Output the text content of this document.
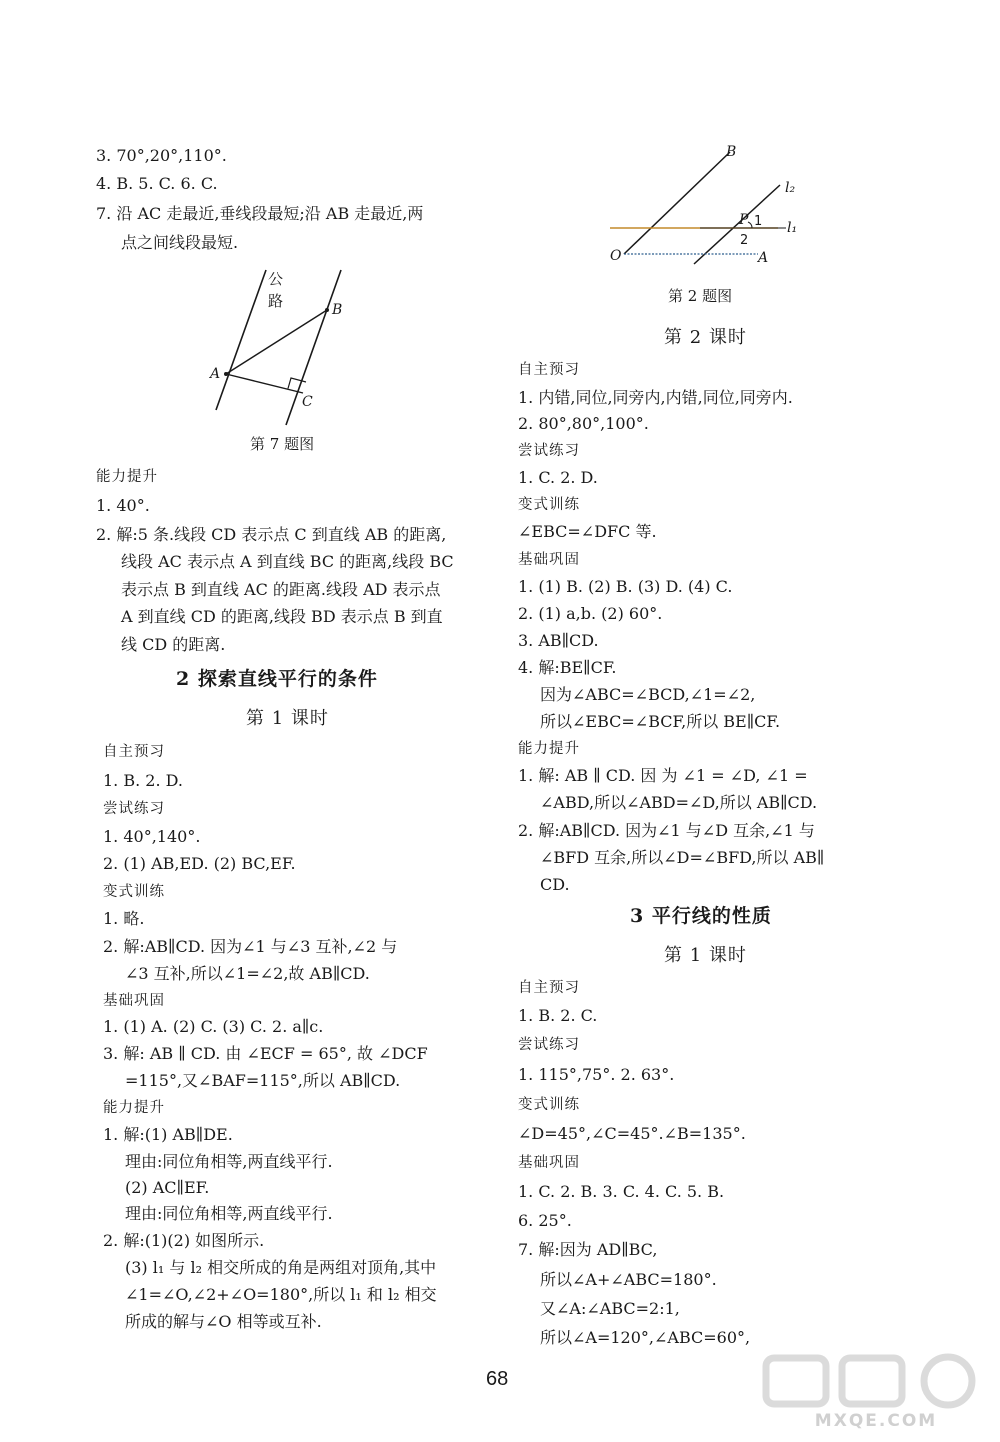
3. 70°,20°,110°.
4. B. 5. C. 6. C.
7. 沿 AC 走最近,垂线段最短;沿 AB 走最近,两
点之间线段最短.
公
路
A
B
C
第 7 题图
能力提升
1. 40°.
2. 解:5 条.线段 CD 表示点 C 到直线 AB 的距离,
线段 AC 表示点 A 到直线 BC 的距离,线段 BC
表示点 B 到直线 AC 的距离.线段 AD 表示点
A 到直线 CD 的距离,线段 BD 表示点 B 到直
线 CD 的距离.
2 探索直线平行的条件
第 1 课时
自主预习
1. B. 2. D.
尝试练习
1. 40°,140°.
2. (1) AB,ED. (2) BC,EF.
变式训练
1. 略.
2. 解:AB∥CD. 因为∠1 与∠3 互补,∠2 与
∠3 互补,所以∠1=∠2,故 AB∥CD.
基础巩固
1. (1) A. (2) C. (3) C. 2. a∥c.
3. 解: AB ∥ CD. 由 ∠ECF = 65°, 故 ∠DCF
=115°,又∠BAF=115°,所以 AB∥CD.
能力提升
1. 解:(1) AB∥DE.
理由:同位角相等,两直线平行.
(2) AC∥EF.
理由:同位角相等,两直线平行.
2. 解:(1)(2) 如图所示.
(3) l₁ 与 l₂ 相交所成的角是两组对顶角,其中
∠1=∠O,∠2+∠O=180°,所以 l₁ 和 l₂ 相交
所成的解与∠O 相等或互补.
B
l₂
P 1 l₁
2
O	A
第 2 题图
第 2 课时
自主预习
1. 内错,同位,同旁内,内错,同位,同旁内.
2. 80°,80°,100°.
尝试练习
1. C. 2. D.
变式训练
∠EBC=∠DFC 等.
基础巩固
1. (1) B. (2) B. (3) D. (4) C.
2. (1) a,b. (2) 60°.
3. AB∥CD.
4. 解:BE∥CF.
因为∠ABC=∠BCD,∠1=∠2,
所以∠EBC=∠BCF,所以 BE∥CF.
能力提升
1. 解: AB ∥ CD. 因 为 ∠1 = ∠D, ∠1 =
∠ABD,所以∠ABD=∠D,所以 AB∥CD.
2. 解:AB∥CD. 因为∠1 与∠D 互余,∠1 与
∠BFD 互余,所以∠D=∠BFD,所以 AB∥
CD.
3 平行线的性质
第 1 课时
自主预习
1. B. 2. C.
尝试练习
1. 115°,75°. 2. 63°.
变式训练
∠D=45°,∠C=45°.∠B=135°.
基础巩固
1. C. 2. B. 3. C. 4. C. 5. B.
6. 25°.
7. 解:因为 AD∥BC,
所以∠A+∠ABC=180°.
又∠A:∠ABC=2:1,
所以∠A=120°,∠ABC=60°,
68
MXQE.COM
